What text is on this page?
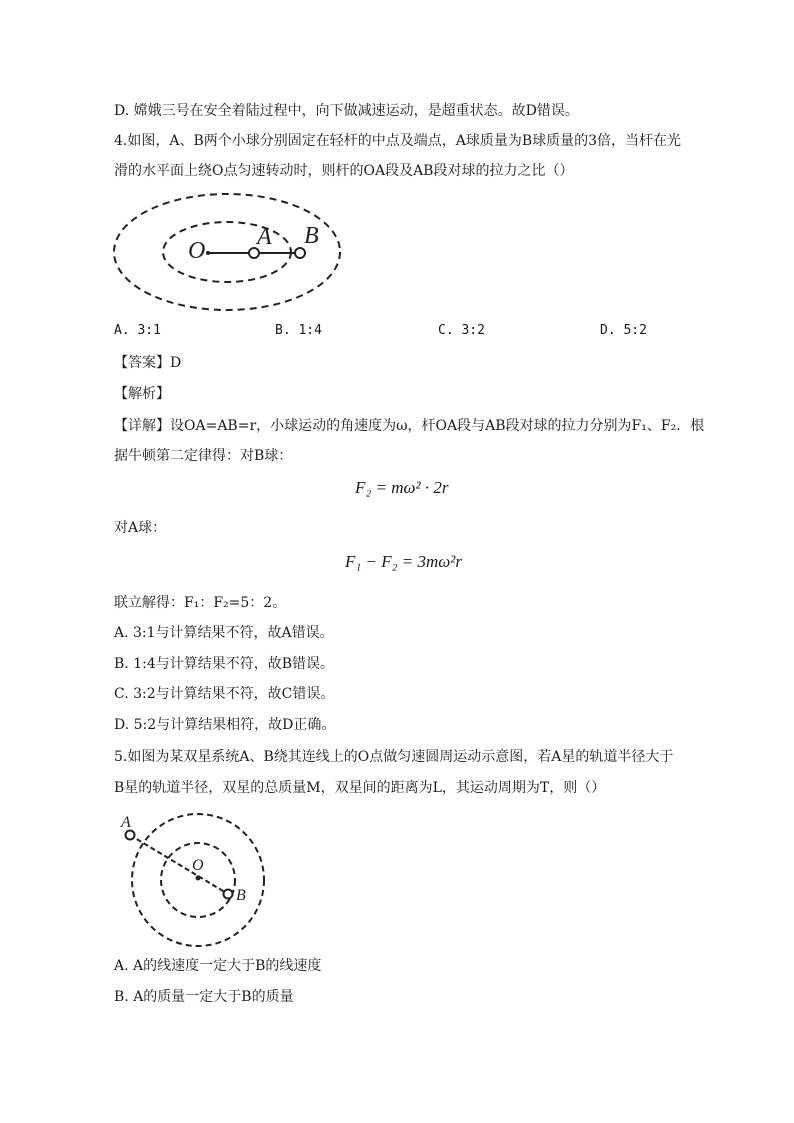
D. 嫦娥三号在安全着陆过程中，向下做减速运动，是超重状态。故D错误。
4.如图，A、B两个小球分别固定在轻杆的中点及端点，A球质量为B球质量的3倍，当杆在光
滑的水平面上绕O点匀速转动时，则杆的OA段及AB段对球的拉力之比（）
O
A B
A. 3:1	B. 1:4	C. 3:2	D. 5:2
【答案】D
【解析】
【详解】设OA=AB=r，小球运动的角速度为ω，杆OA段与AB段对球的拉力分别为F₁、F₂．根
据牛顿第二定律得：对B球：
F₂ = mω² · 2r
对A球：
F₁ − F₂ = 3mω²r
联立解得：F₁：F₂=5：2。
A. 3:1与计算结果不符，故A错误。
B. 1:4与计算结果不符，故B错误。
C. 3:2与计算结果不符，故C错误。
D. 5:2与计算结果相符，故D正确。
5.如图为某双星系统A、B绕其连线上的O点做匀速圆周运动示意图，若A星的轨道半径大于
B星的轨道半径，双星的总质量M，双星间的距离为L，其运动周期为T，则（）
O
A
B
A. A的线速度一定大于B的线速度
B. A的质量一定大于B的质量
